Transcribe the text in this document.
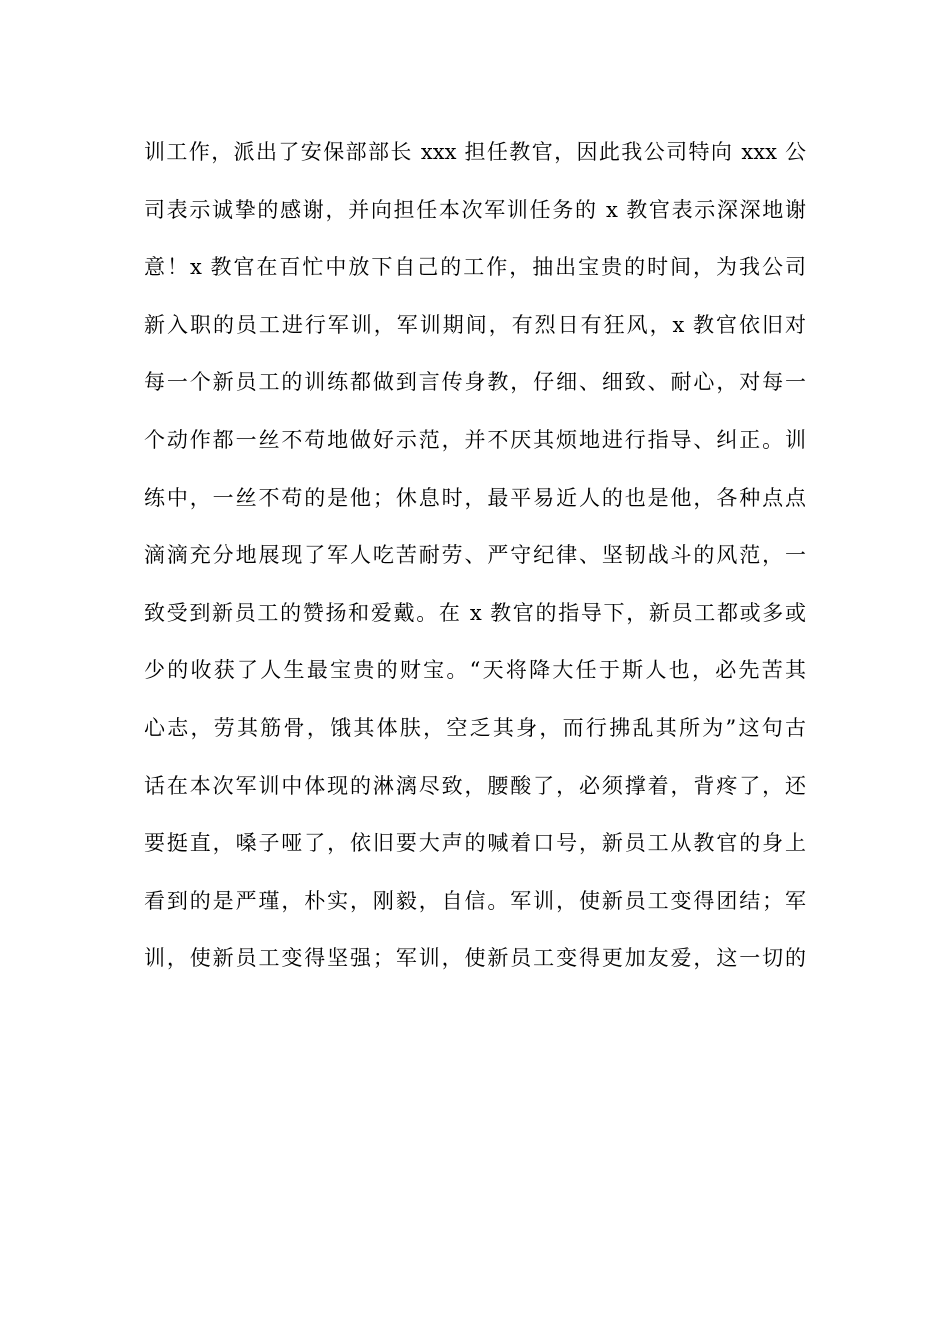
训工作，派出了安保部部长 xxx 担任教官，因此我公司特向 xxx 公
司表示诚挚的感谢，并向担任本次军训任务的 x 教官表示深深地谢
意！x 教官在百忙中放下自己的工作，抽出宝贵的时间，为我公司
新入职的员工进行军训，军训期间，有烈日有狂风，x 教官依旧对
每一个新员工的训练都做到言传身教，仔细、细致、耐心，对每一
个动作都一丝不苟地做好示范，并不厌其烦地进行指导、纠正。训
练中，一丝不苟的是他；休息时，最平易近人的也是他，各种点点
滴滴充分地展现了军人吃苦耐劳、严守纪律、坚韧战斗的风范，一
致受到新员工的赞扬和爱戴。在 x 教官的指导下，新员工都或多或
少的收获了人生最宝贵的财宝。“天将降大任于斯人也，必先苦其
心志，劳其筋骨，饿其体肤，空乏其身，而行拂乱其所为”这句古
话在本次军训中体现的淋漓尽致，腰酸了，必须撑着，背疼了，还
要挺直，嗓子哑了，依旧要大声的喊着口号，新员工从教官的身上
看到的是严瑾，朴实，刚毅，自信。军训，使新员工变得团结；军
训，使新员工变得坚强；军训，使新员工变得更加友爱，这一切的
